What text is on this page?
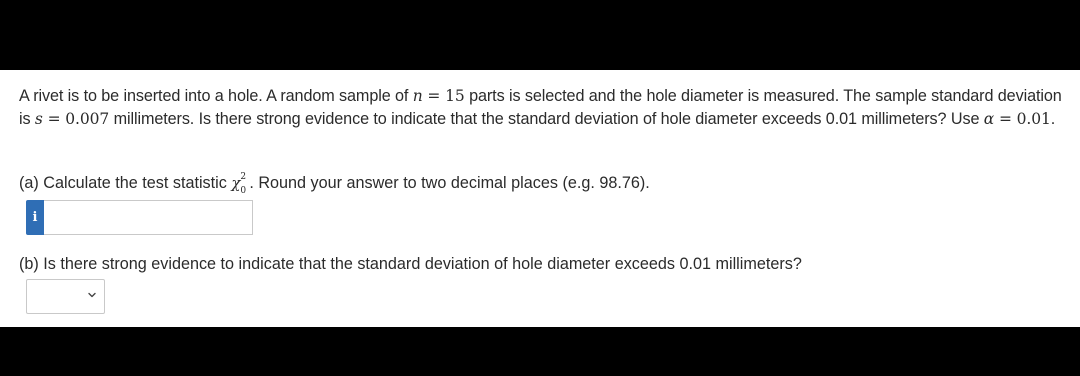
A rivet is to be inserted into a hole. A random sample of n = 15 parts is selected and the hole diameter is measured. The sample standard deviation is s = 0.007 millimeters. Is there strong evidence to indicate that the standard deviation of hole diameter exceeds 0.01 millimeters? Use α = 0.01.
(a) Calculate the test statistic χ 2
0 . Round your answer to two decimal places (e.g. 98.76).
i
(b) Is there strong evidence to indicate that the standard deviation of hole diameter exceeds 0.01 millimeters?
